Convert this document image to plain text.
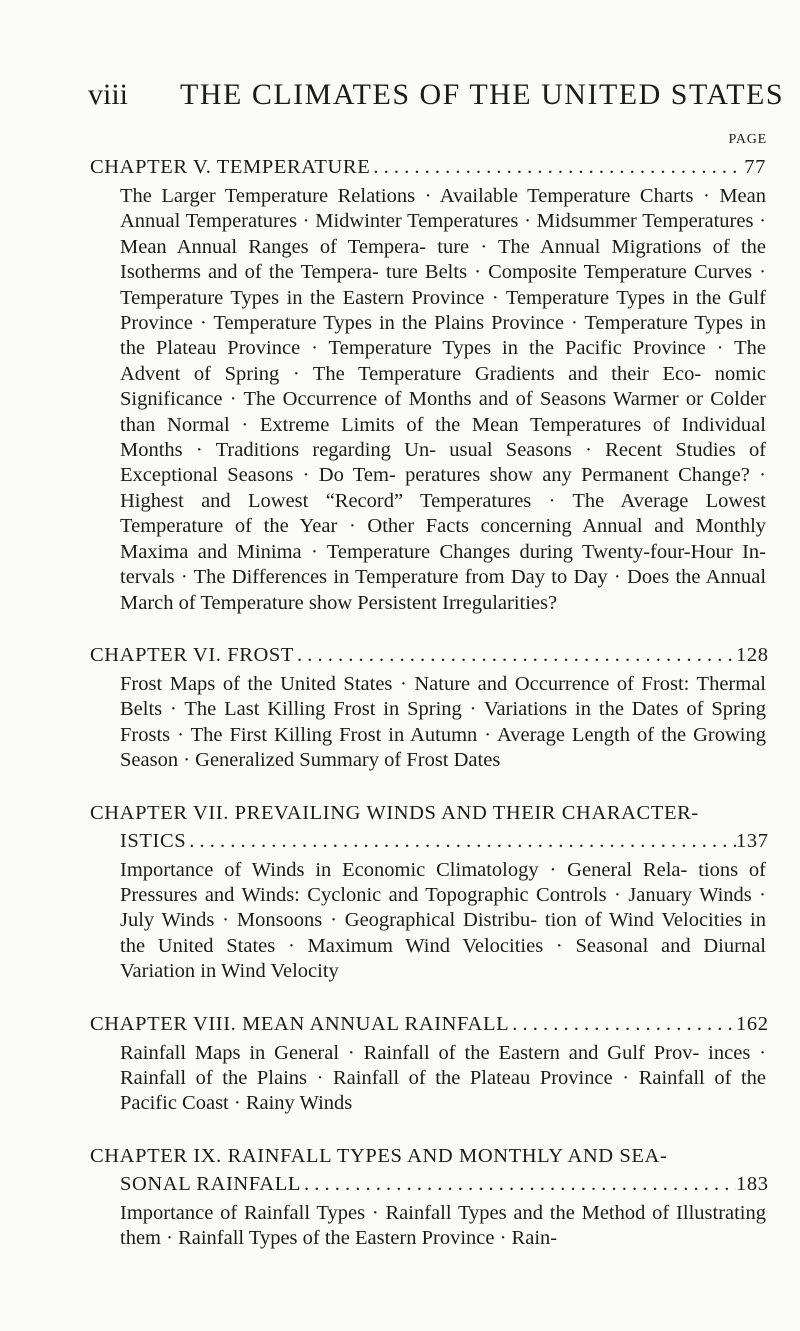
viii THE CLIMATES OF THE UNITED STATES
PAGE
CHAPTER V. TEMPERATURE . . .	77
The Larger Temperature Relations · Available Temperature Charts · Mean Annual Temperatures · Midwinter Temperatures · Midsummer Temperatures · Mean Annual Ranges of Tempera- ture · The Annual Migrations of the Isotherms and of the Tempera- ture Belts · Composite Temperature Curves · Temperature Types in the Eastern Province · Temperature Types in the Gulf Province · Temperature Types in the Plains Province · Temperature Types in the Plateau Province · Temperature Types in the Pacific Province · The Advent of Spring · The Temperature Gradients and their Eco- nomic Significance · The Occurrence of Months and of Seasons Warmer or Colder than Normal · Extreme Limits of the Mean Temperatures of Individual Months · Traditions regarding Un- usual Seasons · Recent Studies of Exceptional Seasons · Do Tem- peratures show any Permanent Change? · Highest and Lowest “Record” Temperatures · The Average Lowest Temperature of the Year · Other Facts concerning Annual and Monthly Maxima and Minima · Temperature Changes during Twenty-four-Hour In- tervals · The Differences in Temperature from Day to Day · Does the Annual March of Temperature show Persistent Irregularities?
CHAPTER VI. FROST . . .	128
Frost Maps of the United States · Nature and Occurrence of Frost: Thermal Belts · The Last Killing Frost in Spring · Variations in the Dates of Spring Frosts · The First Killing Frost in Autumn · Average Length of the Growing Season · Generalized Summary of Frost Dates
CHAPTER VII. PREVAILING WINDS AND THEIR CHARACTER-
ISTICS . . .	137
Importance of Winds in Economic Climatology · General Rela- tions of Pressures and Winds: Cyclonic and Topographic Controls · January Winds · July Winds · Monsoons · Geographical Distribu- tion of Wind Velocities in the United States · Maximum Wind Velocities · Seasonal and Diurnal Variation in Wind Velocity
CHAPTER VIII. MEAN ANNUAL RAINFALL . . .	162
Rainfall Maps in General · Rainfall of the Eastern and Gulf Prov- inces · Rainfall of the Plains · Rainfall of the Plateau Province · Rainfall of the Pacific Coast · Rainy Winds
CHAPTER IX. RAINFALL TYPES AND MONTHLY AND SEA-
SONAL RAINFALL . . .	183
Importance of Rainfall Types · Rainfall Types and the Method of Illustrating them · Rainfall Types of the Eastern Province · Rain-
